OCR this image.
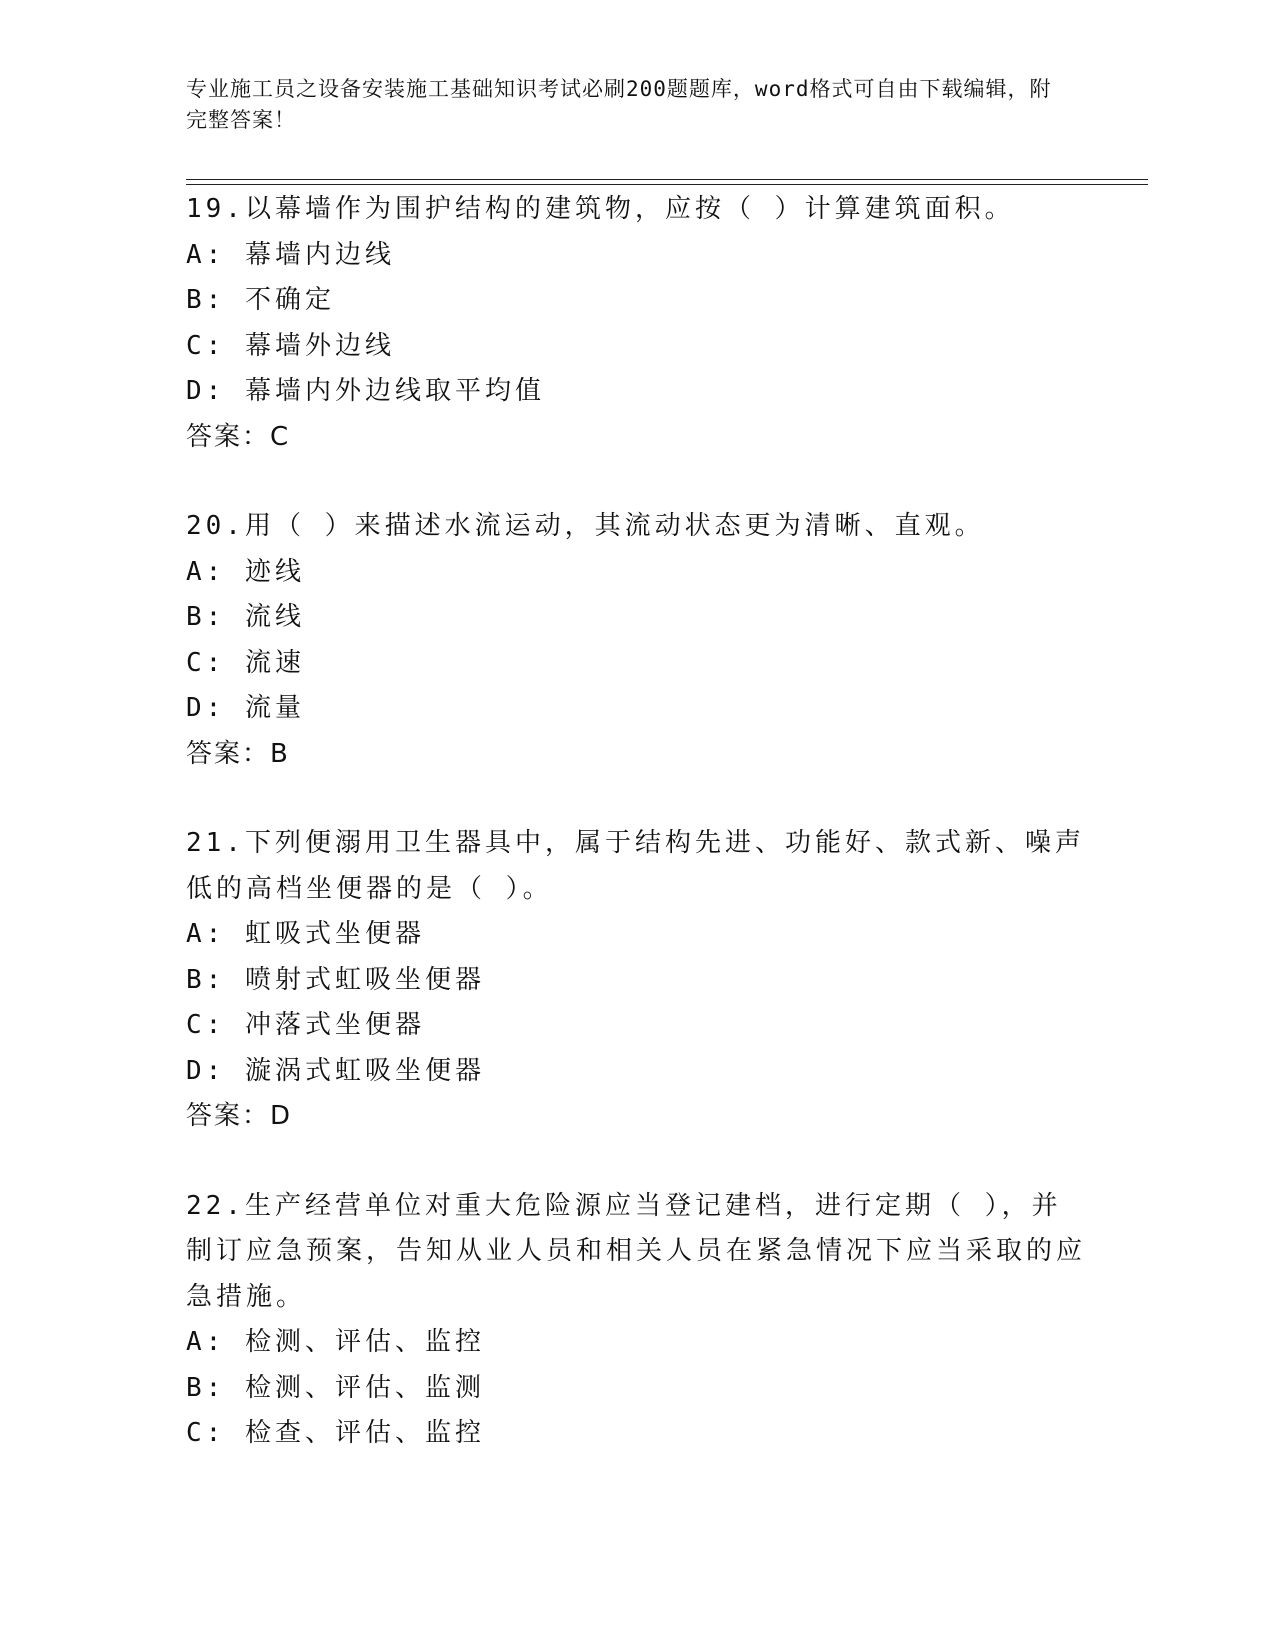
专业施工员之设备安装施工基础知识考试必刷200题题库，word格式可自由下载编辑，附完整答案！
19.以幕墙作为围护结构的建筑物，应按（ ）计算建筑面积。
A: 幕墙内边线
B: 不确定
C: 幕墙外边线
D: 幕墙内外边线取平均值
答案：C
20.用（ ）来描述水流运动，其流动状态更为清晰、直观。
A: 迹线
B: 流线
C: 流速
D: 流量
答案：B
21.下列便溺用卫生器具中，属于结构先进、功能好、款式新、噪声低的高档坐便器的是（ ）。
A: 虹吸式坐便器
B: 喷射式虹吸坐便器
C: 冲落式坐便器
D: 漩涡式虹吸坐便器
答案：D
22.生产经营单位对重大危险源应当登记建档，进行定期（ ），并制订应急预案，告知从业人员和相关人员在紧急情况下应当采取的应急措施。
A: 检测、评估、监控
B: 检测、评估、监测
C: 检查、评估、监控
